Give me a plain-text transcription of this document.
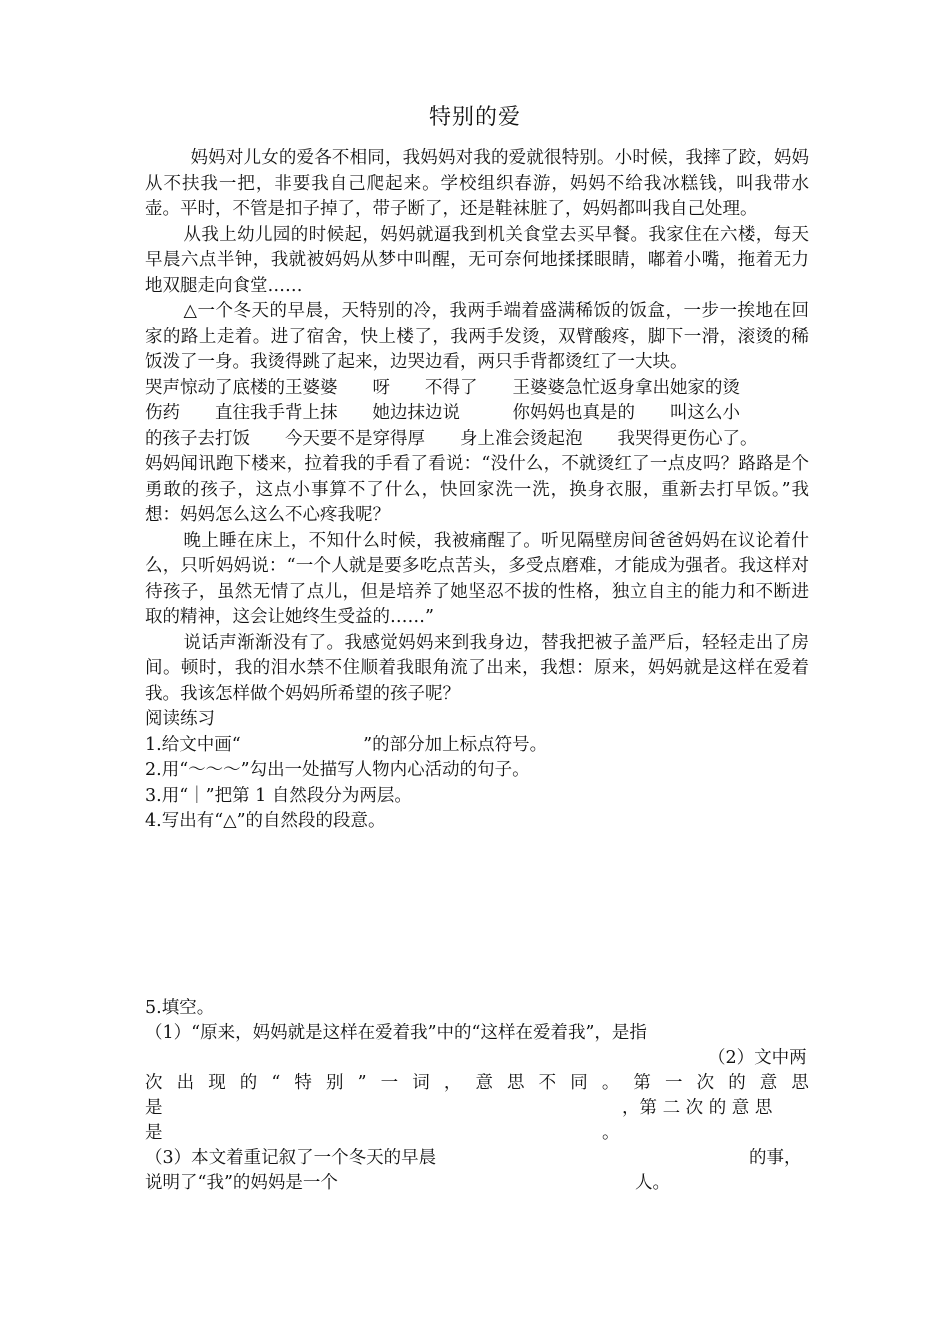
特别的爱

妈妈对儿女的爱各不相同，我妈妈对我的爱就很特别。小时候，我摔了跤，妈妈从不扶我一把，非要我自己爬起来。学校组织春游，妈妈不给我冰糕钱，叫我带水壶。平时，不管是扣子掉了，带子断了，还是鞋袜脏了，妈妈都叫我自己处理。

从我上幼儿园的时候起，妈妈就逼我到机关食堂去买早餐。我家住在六楼，每天早晨六点半钟，我就被妈妈从梦中叫醒，无可奈何地揉揉眼睛，嘟着小嘴，拖着无力地双腿走向食堂……

△一个冬天的早晨，天特别的冷，我两手端着盛满稀饭的饭盒，一步一挨地在回家的路上走着。进了宿舍，快上楼了，我两手发烫，双臂酸疼，脚下一滑，滚烫的稀饭泼了一身。我烫得跳了起来，边哭边看，两只手背都烫红了一大块。

哭声惊动了底楼的王婆婆　　呀　　不得了　　王婆婆急忙返身拿出她家的烫

伤药　　直往我手背上抹　　她边抹边说　　　你妈妈也真是的　　叫这么小

的孩子去打饭　　今天要不是穿得厚　　身上准会烫起泡　　我哭得更伤心了。

妈妈闻讯跑下楼来，拉着我的手看了看说：“没什么，不就烫红了一点皮吗？路路是个勇敢的孩子，这点小事算不了什么，快回家洗一洗，换身衣服，重新去打早饭。”我想：妈妈怎么这么不心疼我呢？

晚上睡在床上，不知什么时候，我被痛醒了。听见隔壁房间爸爸妈妈在议论着什么，只听妈妈说：“一个人就是要多吃点苦头，多受点磨难，才能成为强者。我这样对待孩子，虽然无情了点儿，但是培养了她坚忍不拔的性格，独立自主的能力和不断进取的精神，这会让她终生受益的……”

说话声渐渐没有了。我感觉妈妈来到我身边，替我把被子盖严后，轻轻走出了房间。顿时，我的泪水禁不住顺着我眼角流了出来，我想：原来，妈妈就是这样在爱着我。我该怎样做个妈妈所希望的孩子呢？

阅读练习

1.给文中画“　　　　　　　”的部分加上标点符号。

2.用“～～～”勾出一处描写人物内心活动的句子。

3.用“｜”把第 1 自然段分为两层。

4.写出有“△”的自然段的段意。

5.填空。
（1）“原来，妈妈就是这样在爱着我”中的“这样在爱着我”，是指
（2）文中两
次 出 现 的 “ 特 别 ” 一 词 ， 意 思 不 同 。 第 一 次 的 意 思
是	，第 二 次 的 意 思
是	。
（3）本文着重记叙了一个冬天的早晨	的事，
说明了“我”的妈妈是一个	人。
